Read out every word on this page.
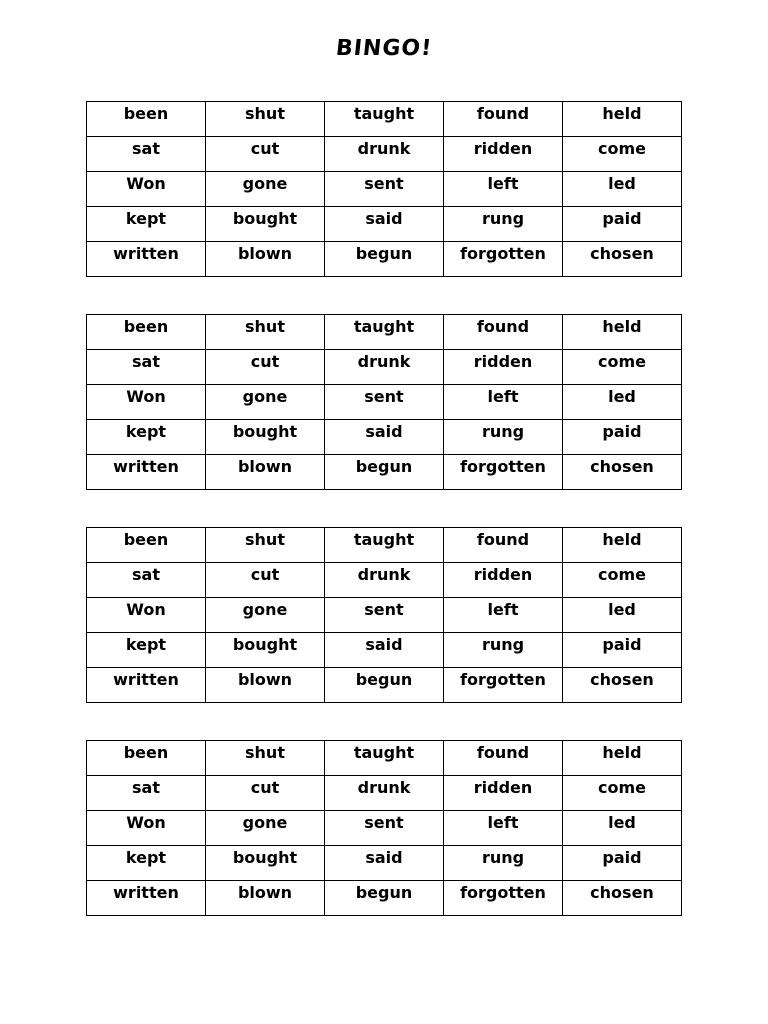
BINGO!
been	shut	taught	found	held
sat	cut	drunk	ridden	come
Won	gone	sent	left	led
kept	bought	said	rung	paid
written	blown	begun	forgotten	chosen
been	shut	taught	found	held
sat	cut	drunk	ridden	come
Won	gone	sent	left	led
kept	bought	said	rung	paid
written	blown	begun	forgotten	chosen
been	shut	taught	found	held
sat	cut	drunk	ridden	come
Won	gone	sent	left	led
kept	bought	said	rung	paid
written	blown	begun	forgotten	chosen
been	shut	taught	found	held
sat	cut	drunk	ridden	come
Won	gone	sent	left	led
kept	bought	said	rung	paid
written	blown	begun	forgotten	chosen
